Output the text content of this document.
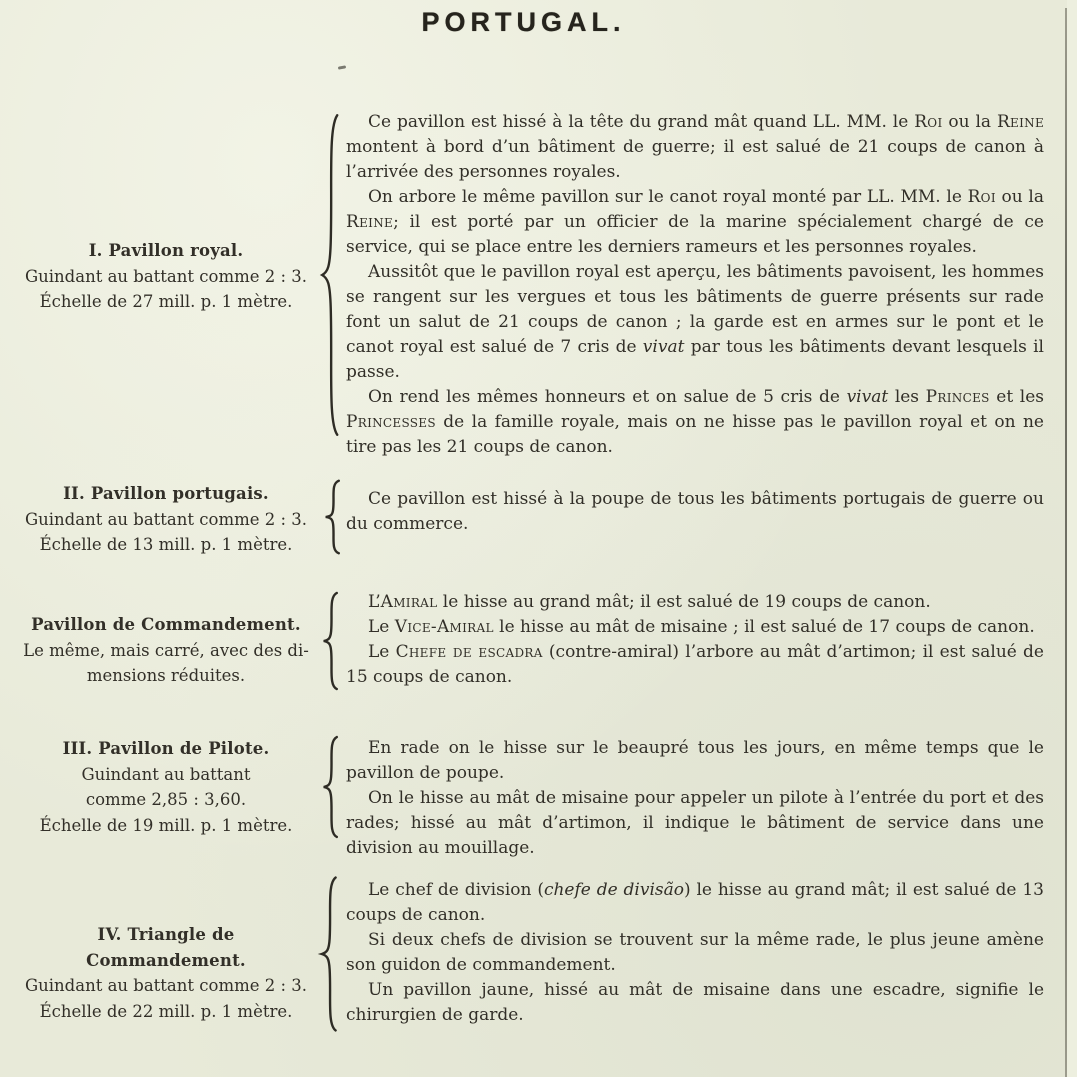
PORTUGAL.
I. Pavillon royal.
Guindant au battant comme 2 : 3.
Échelle de 27 mill. p. 1 mètre.

Ce pavillon est hissé à la tête du grand mât quand LL. MM. le Roi ou la Reine montent à bord d’un bâtiment de guerre; il est salué de 21 coups de canon à l’arrivée des personnes royales.

On arbore le même pavillon sur le canot royal monté par LL. MM. le Roi ou la Reine; il est porté par un officier de la marine spécialement chargé de ce service, qui se place entre les derniers rameurs et les personnes royales.

Aussitôt que le pavillon royal est aperçu, les bâtiments pavoisent, les hommes se rangent sur les vergues et tous les bâtiments de guerre présents sur rade font un salut de 21 coups de canon ; la garde est en armes sur le pont et le canot royal est salué de 7 cris de vivat par tous les bâtiments devant lesquels il passe.

On rend les mêmes honneurs et on salue de 5 cris de vivat les Princes et les Princesses de la famille royale, mais on ne hisse pas le pavillon royal et on ne tire pas les 21 coups de canon.

II. Pavillon portugais.
Guindant au battant comme 2 : 3.
Échelle de 13 mill. p. 1 mètre.

Ce pavillon est hissé à la poupe de tous les bâtiments portugais de guerre ou du commerce.

Pavillon de Commandement.
Le même, mais carré, avec des di-
mensions réduites.

L’Amiral le hisse au grand mât; il est salué de 19 coups de canon.

Le Vice-Amiral le hisse au mât de misaine ; il est salué de 17 coups de canon.

Le Chefe de escadra (contre-amiral) l’arbore au mât d’artimon; il est salué de 15 coups de canon.

III. Pavillon de Pilote.
Guindant au battant
comme 2,85 : 3,60.
Échelle de 19 mill. p. 1 mètre.

En rade on le hisse sur le beaupré tous les jours, en même temps que le pavillon de poupe.

On le hisse au mât de misaine pour appeler un pilote à l’entrée du port et des rades; hissé au mât d’artimon, il indique le bâtiment de service dans une division au mouillage.

IV. Triangle de Commandement.
Guindant au battant comme 2 : 3.
Échelle de 22 mill. p. 1 mètre.

Le chef de division (chefe de divisão) le hisse au grand mât; il est salué de 13 coups de canon.

Si deux chefs de division se trouvent sur la même rade, le plus jeune amène son guidon de commandement.

Un pavillon jaune, hissé au mât de misaine dans une escadre, signifie le chirurgien de garde.
